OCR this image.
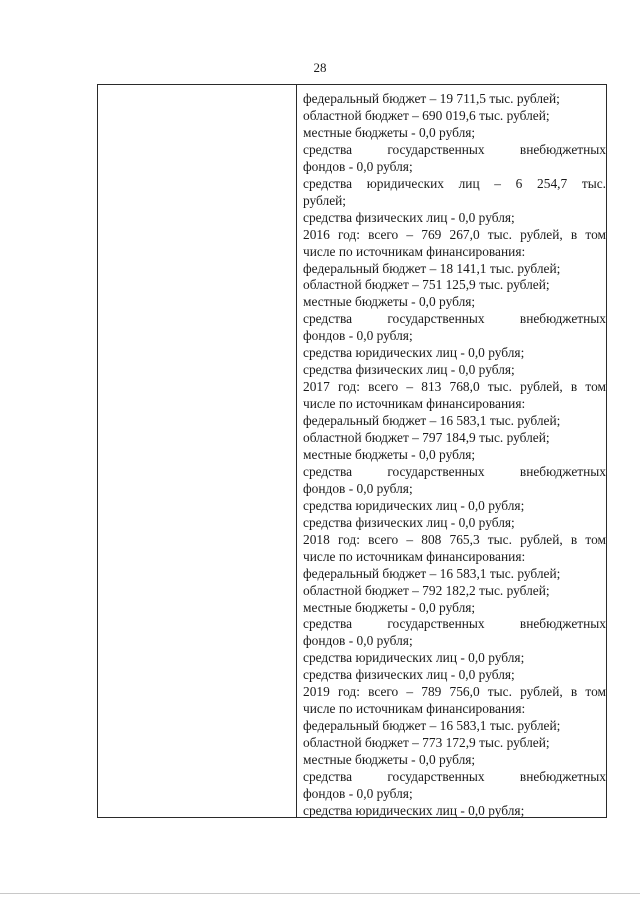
28
федеральный бюджет – 19 711,5 тыс. рублей;
областной бюджет – 690 019,6 тыс. рублей;
местные бюджеты - 0,0 рубля;
средства государственных внебюджетных
фондов - 0,0 рубля;
средства юридических лиц – 6 254,7 тыс.
рублей;
средства физических лиц - 0,0 рубля;
2016 год: всего – 769 267,0 тыс. рублей, в том
числе по источникам финансирования:
федеральный бюджет – 18 141,1 тыс. рублей;
областной бюджет – 751 125,9 тыс. рублей;
местные бюджеты - 0,0 рубля;
средства государственных внебюджетных
фондов - 0,0 рубля;
средства юридических лиц - 0,0 рубля;
средства физических лиц - 0,0 рубля;
2017 год: всего – 813 768,0 тыс. рублей, в том
числе по источникам финансирования:
федеральный бюджет – 16 583,1 тыс. рублей;
областной бюджет – 797 184,9 тыс. рублей;
местные бюджеты - 0,0 рубля;
средства государственных внебюджетных
фондов - 0,0 рубля;
средства юридических лиц - 0,0 рубля;
средства физических лиц - 0,0 рубля;
2018 год: всего – 808 765,3 тыс. рублей, в том
числе по источникам финансирования:
федеральный бюджет – 16 583,1 тыс. рублей;
областной бюджет – 792 182,2 тыс. рублей;
местные бюджеты - 0,0 рубля;
средства государственных внебюджетных
фондов - 0,0 рубля;
средства юридических лиц - 0,0 рубля;
средства физических лиц - 0,0 рубля;
2019 год: всего – 789 756,0 тыс. рублей, в том
числе по источникам финансирования:
федеральный бюджет – 16 583,1 тыс. рублей;
областной бюджет – 773 172,9 тыс. рублей;
местные бюджеты - 0,0 рубля;
средства государственных внебюджетных
фондов - 0,0 рубля;
средства юридических лиц - 0,0 рубля;
